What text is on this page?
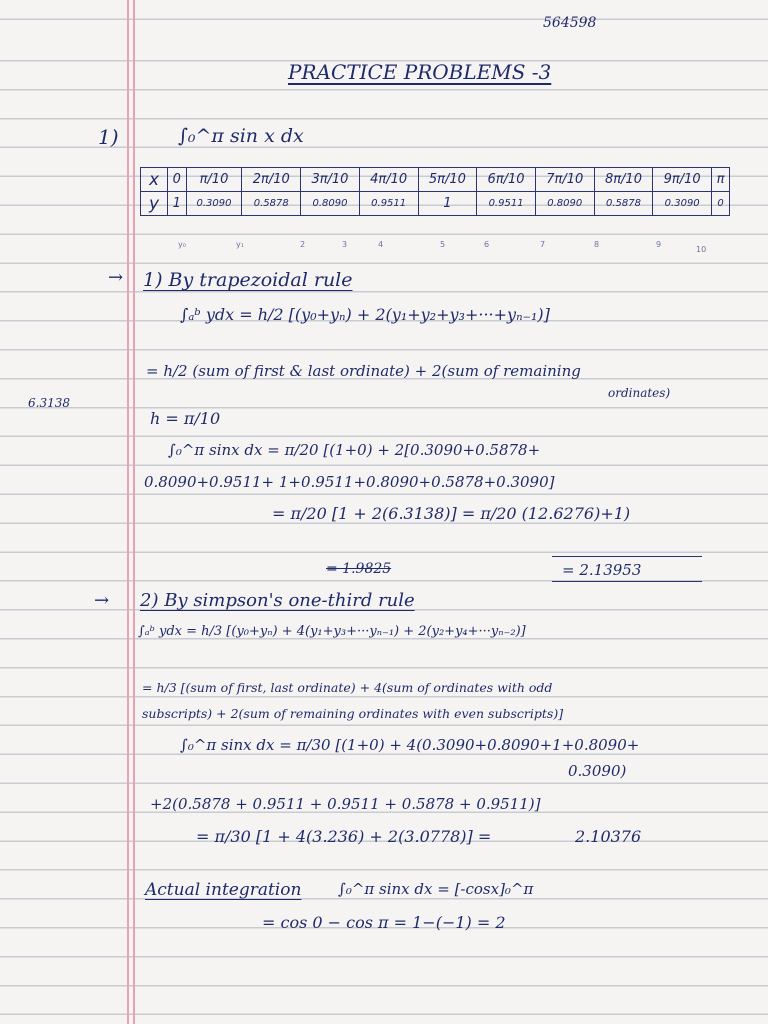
564598
PRACTICE PROBLEMS -3
1)	∫₀^π sin x dx
x	0	π/10	2π/10	3π/10	4π/10	5π/10	6π/10	7π/10	8π/10	9π/10	π
y	1	0.3090	0.5878	0.8090	0.9511	1	0.9511	0.8090	0.5878	0.3090	0
y₀	y₁	2	3	4	5	6	7	8	9
10
→ 1) By trapezoidal rule
∫ₐᵇ ydx = h/2 [(y₀+yₙ) + 2(y₁+y₂+y₃+···+yₙ₋₁)]
= h/2 (sum of first & last ordinate) + 2(sum of remaining
ordinates)
6.3138
h = π/10
∫₀^π sinx dx = π/20 [(1+0) + 2[0.3090+0.5878+
0.8090+0.9511+ 1+0.9511+0.8090+0.5878+0.3090]
= π/20 [1 + 2(6.3138)] = π/20 (12.6276)+1)
= 1.9825	= 2.13953
→ 2) By simpson's one-third rule
∫ₐᵇ ydx = h/3 [(y₀+yₙ) + 4(y₁+y₃+···yₙ₋₁) + 2(y₂+y₄+···yₙ₋₂)]
= h/3 [(sum of first, last ordinate) + 4(sum of ordinates with odd
subscripts) + 2(sum of remaining ordinates with even subscripts)]
∫₀^π sinx dx = π/30 [(1+0) + 4(0.3090+0.8090+1+0.8090+
0.3090)
+2(0.5878 + 0.9511 + 0.9511 + 0.5878 + 0.9511)]
= π/30 [1 + 4(3.236) + 2(3.0778)] =	2.10376
Actual integration ∫₀^π sinx dx = [-cosx]₀^π
= cos 0 − cos π = 1−(−1) = 2
